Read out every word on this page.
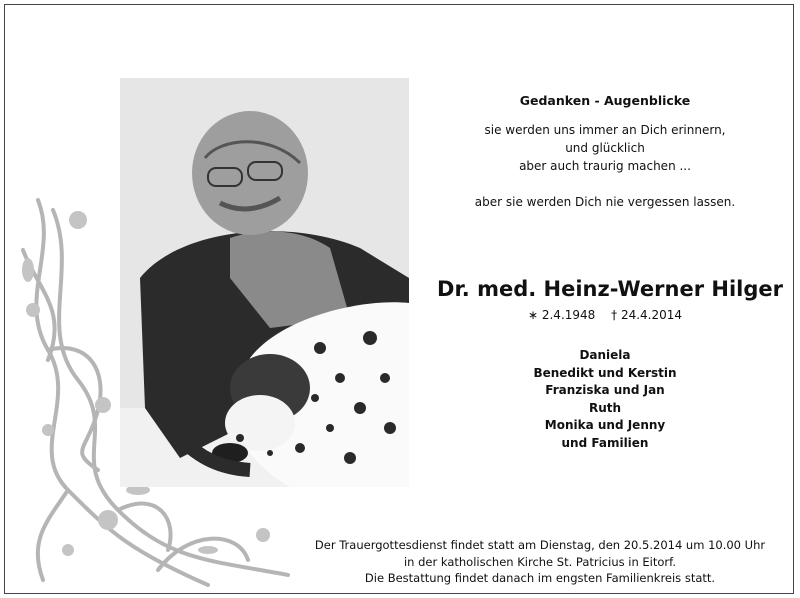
Gedanken - Augenblicke
sie werden uns immer an Dich erinnern,
und glücklich
aber auch traurig machen ...
aber sie werden Dich nie vergessen lassen.
Dr. med. Heinz-Werner Hilger
∗ 2.4.1948 † 24.4.2014
Daniela
Benedikt und Kerstin
Franziska und Jan
Ruth
Monika und Jenny
und Familien
Der Trauergottesdienst findet statt am Dienstag, den 20.5.2014 um 10.00 Uhr
in der katholischen Kirche St. Patricius in Eitorf.
Die Bestattung findet danach im engsten Familienkreis statt.
